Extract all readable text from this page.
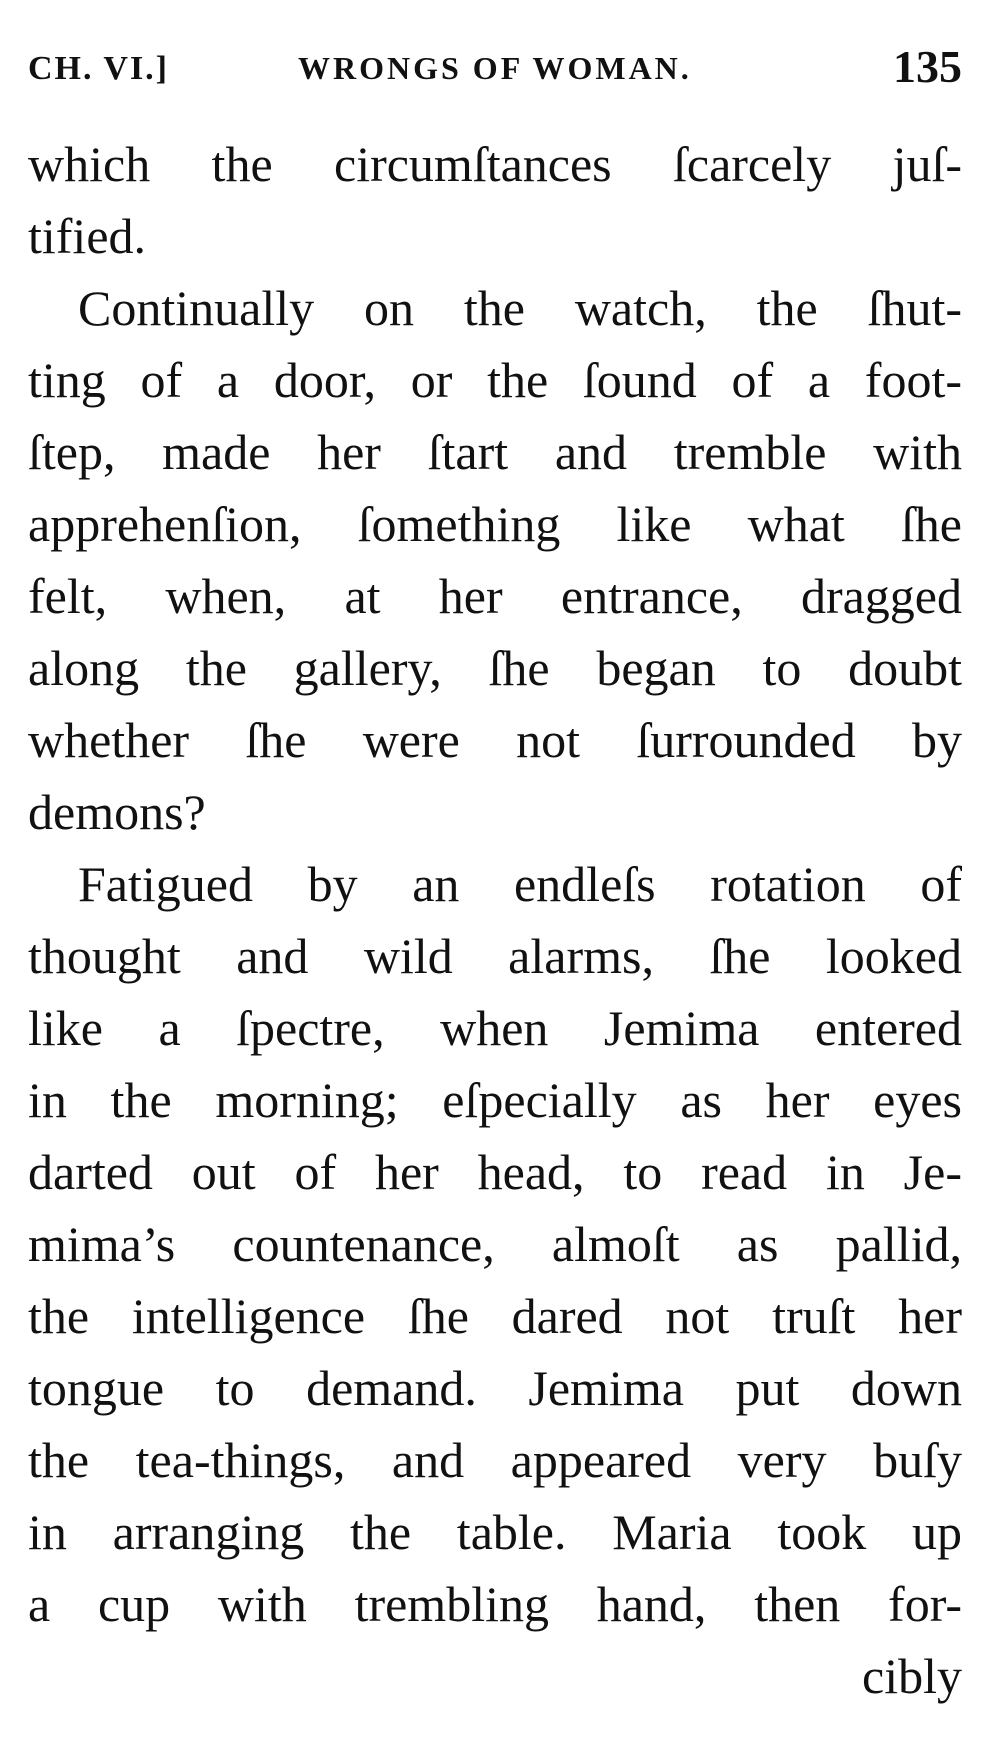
CH. VI.]	WRONGS OF WOMAN.	135
which the circumſtances ſcarcely juſ-
tified.
Continually on the watch, the ſhut-
ting of a door, or the ſound of a foot-
ſtep, made her ſtart and tremble with
apprehenſion, ſomething like what ſhe
felt, when, at her entrance, dragged
along the gallery, ſhe began to doubt
whether ſhe were not ſurrounded by
demons?
Fatigued by an endleſs rotation of
thought and wild alarms, ſhe looked
like a ſpectre, when Jemima entered
in the morning; eſpecially as her eyes
darted out of her head, to read in Je-
mima’s countenance, almoſt as pallid,
the intelligence ſhe dared not truſt her
tongue to demand. Jemima put down
the tea-things, and appeared very buſy
in arranging the table. Maria took up
a cup with trembling hand, then for-
cibly
